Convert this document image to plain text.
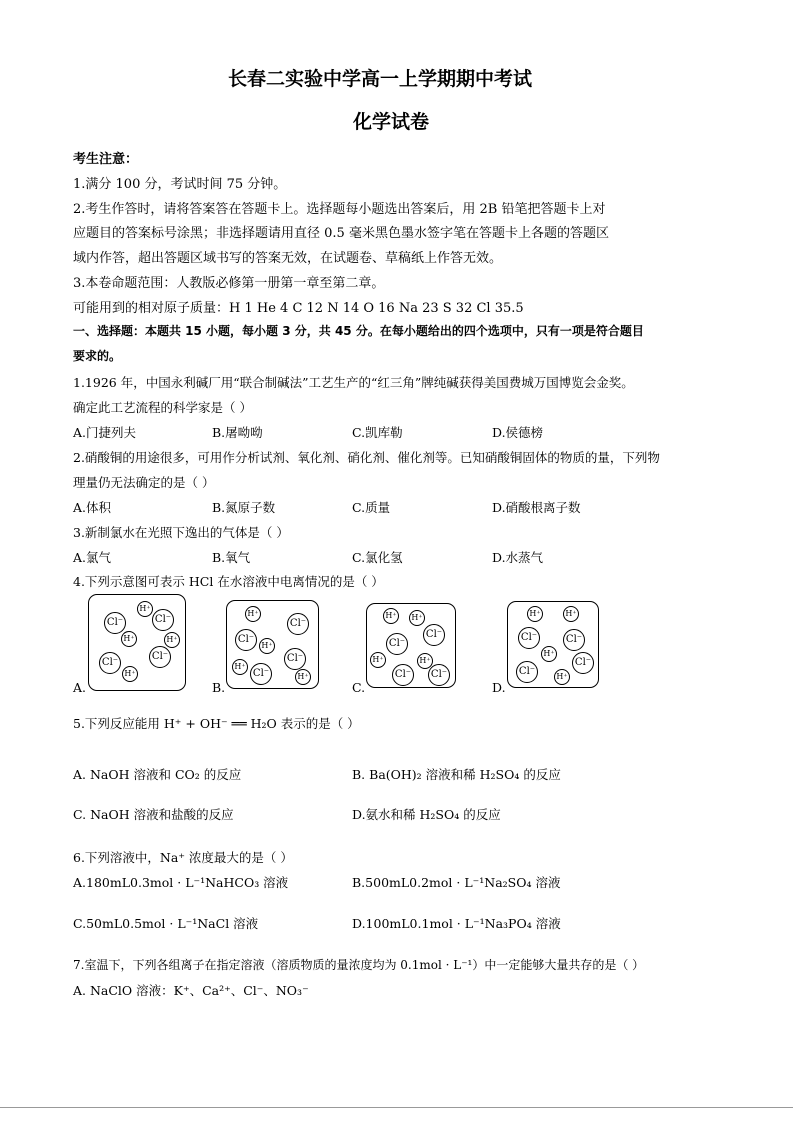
长春二实验中学高一上学期期中考试
化学试卷
考生注意：
1.满分 100 分，考试时间 75 分钟。
2.考生作答时，请将答案答在答题卡上。选择题每小题选出答案后，用 2B 铅笔把答题卡上对
应题目的答案标号涂黑；非选择题请用直径 0.5 毫米黑色墨水签字笔在答题卡上各题的答题区
域内作答，超出答题区域书写的答案无效，在试题卷、草稿纸上作答无效。
3.本卷命题范围：人教版必修第一册第一章至第二章。
可能用到的相对原子质量：H 1 He 4 C 12 N 14 O 16 Na 23 S 32 Cl 35.5
一、选择题：本题共 15 小题，每小题 3 分，共 45 分。在每小题给出的四个选项中，只有一项是符合题目
要求的。
1.1926 年，中国永利碱厂用“联合制碱法”工艺生产的“红三角”牌纯碱获得美国费城万国博览会金奖。
确定此工艺流程的科学家是（ ）
A.门捷列夫	B.屠呦呦	C.凯库勒	D.侯德榜
2.硝酸铜的用途很多，可用作分析试剂、氧化剂、硝化剂、催化剂等。已知硝酸铜固体的物质的量，下列物
理量仍无法确定的是（ ）
A.体积	B.氮原子数	C.质量	D.硝酸根离子数
3.新制氯水在光照下逸出的气体是（ ）
A.氯气	B.氧气	C.氯化氢	D.水蒸气
4.下列示意图可表示 HCl 在水溶液中电离情况的是（ ）
A.
Cl⁻
H⁺
Cl⁻
H⁺	H⁺
Cl⁻
Cl⁻
H⁺
B.
H⁺
Cl⁻
Cl⁻
H⁺
Cl⁻
H⁺
Cl⁻	H⁺
C.
H⁺	H⁺
Cl⁻
Cl⁻
H⁺	H⁺
Cl⁻ Cl⁻
D.
H⁺	H⁺
Cl⁻	Cl⁻
H⁺
Cl⁻
Cl⁻	H⁺
5.下列反应能用 H⁺ + OH⁻ ══ H₂O 表示的是（ ）
A. NaOH 溶液和 CO₂ 的反应	B. Ba(OH)₂ 溶液和稀 H₂SO₄ 的反应
C. NaOH 溶液和盐酸的反应	D.氨水和稀 H₂SO₄ 的反应
6.下列溶液中，Na⁺ 浓度最大的是（ ）
A.180mL0.3mol · L⁻¹NaHCO₃ 溶液	B.500mL0.2mol · L⁻¹Na₂SO₄ 溶液
C.50mL0.5mol · L⁻¹NaCl 溶液	D.100mL0.1mol · L⁻¹Na₃PO₄ 溶液
7.室温下，下列各组离子在指定溶液（溶质物质的量浓度均为 0.1mol · L⁻¹）中一定能够大量共存的是（ ）
A. NaClO 溶液：K⁺、Ca²⁺、Cl⁻、NO₃⁻
